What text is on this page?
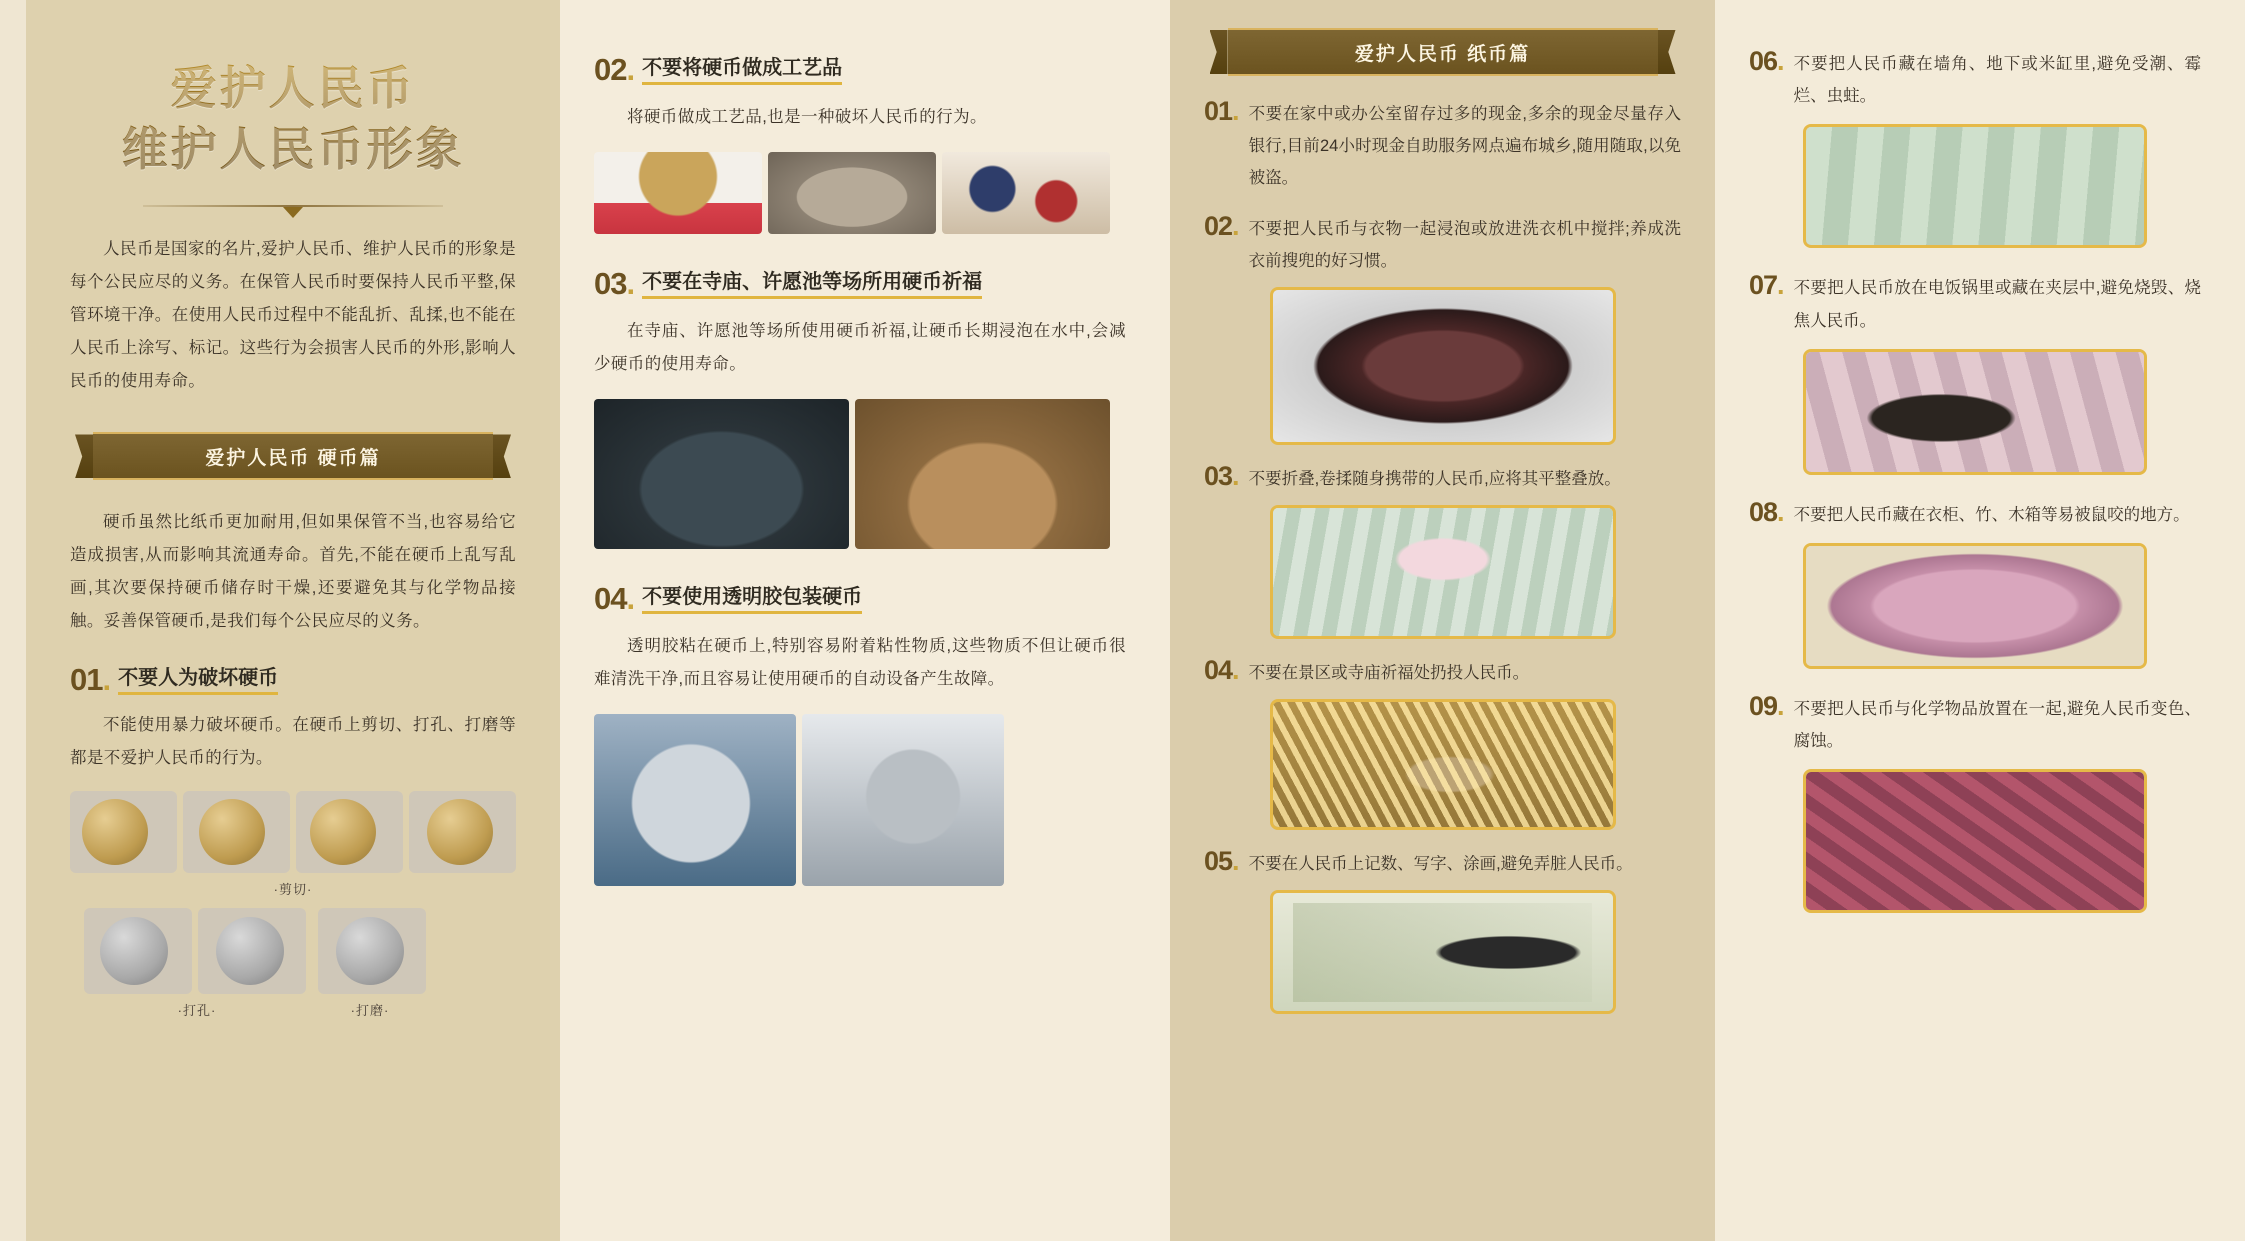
爱护人民币
维护人民币形象

人民币是国家的名片,爱护人民币、维护人民币的形象是每个公民应尽的义务。在保管人民币时要保持人民币平整,保管环境干净。在使用人民币过程中不能乱折、乱揉,也不能在人民币上涂写、标记。这些行为会损害人民币的外形,影响人民币的使用寿命。

爱护人民币 硬币篇

硬币虽然比纸币更加耐用,但如果保管不当,也容易给它造成损害,从而影响其流通寿命。首先,不能在硬币上乱写乱画,其次要保持硬币储存时干燥,还要避免其与化学物品接触。妥善保管硬币,是我们每个公民应尽的义务。

01. 不要人为破坏硬币

不能使用暴力破坏硬币。在硬币上剪切、打孔、打磨等都是不爱护人民币的行为。

·剪切·
·打孔·	·打磨·
02. 不要将硬币做成工艺品

将硬币做成工艺品,也是一种破坏人民币的行为。

03. 不要在寺庙、许愿池等场所用硬币祈福

在寺庙、许愿池等场所使用硬币祈福,让硬币长期浸泡在水中,会减少硬币的使用寿命。

04. 不要使用透明胶包装硬币

透明胶粘在硬币上,特别容易附着粘性物质,这些物质不但让硬币很难清洗干净,而且容易让使用硬币的自动设备产生故障。

爱护人民币 纸币篇
01. 不要在家中或办公室留存过多的现金,多余的现金尽量存入银行,目前24小时现金自助服务网点遍布城乡,随用随取,以免被盗。
02. 不要把人民币与衣物一起浸泡或放进洗衣机中搅拌;养成洗衣前搜兜的好习惯。
03. 不要折叠,卷揉随身携带的人民币,应将其平整叠放。
04. 不要在景区或寺庙祈福处扔投人民币。
05. 不要在人民币上记数、写字、涂画,避免弄脏人民币。
06. 不要把人民币藏在墙角、地下或米缸里,避免受潮、霉烂、虫蛀。
07. 不要把人民币放在电饭锅里或藏在夹层中,避免烧毁、烧焦人民币。
08. 不要把人民币藏在衣柜、竹、木箱等易被鼠咬的地方。
09. 不要把人民币与化学物品放置在一起,避免人民币变色、腐蚀。
